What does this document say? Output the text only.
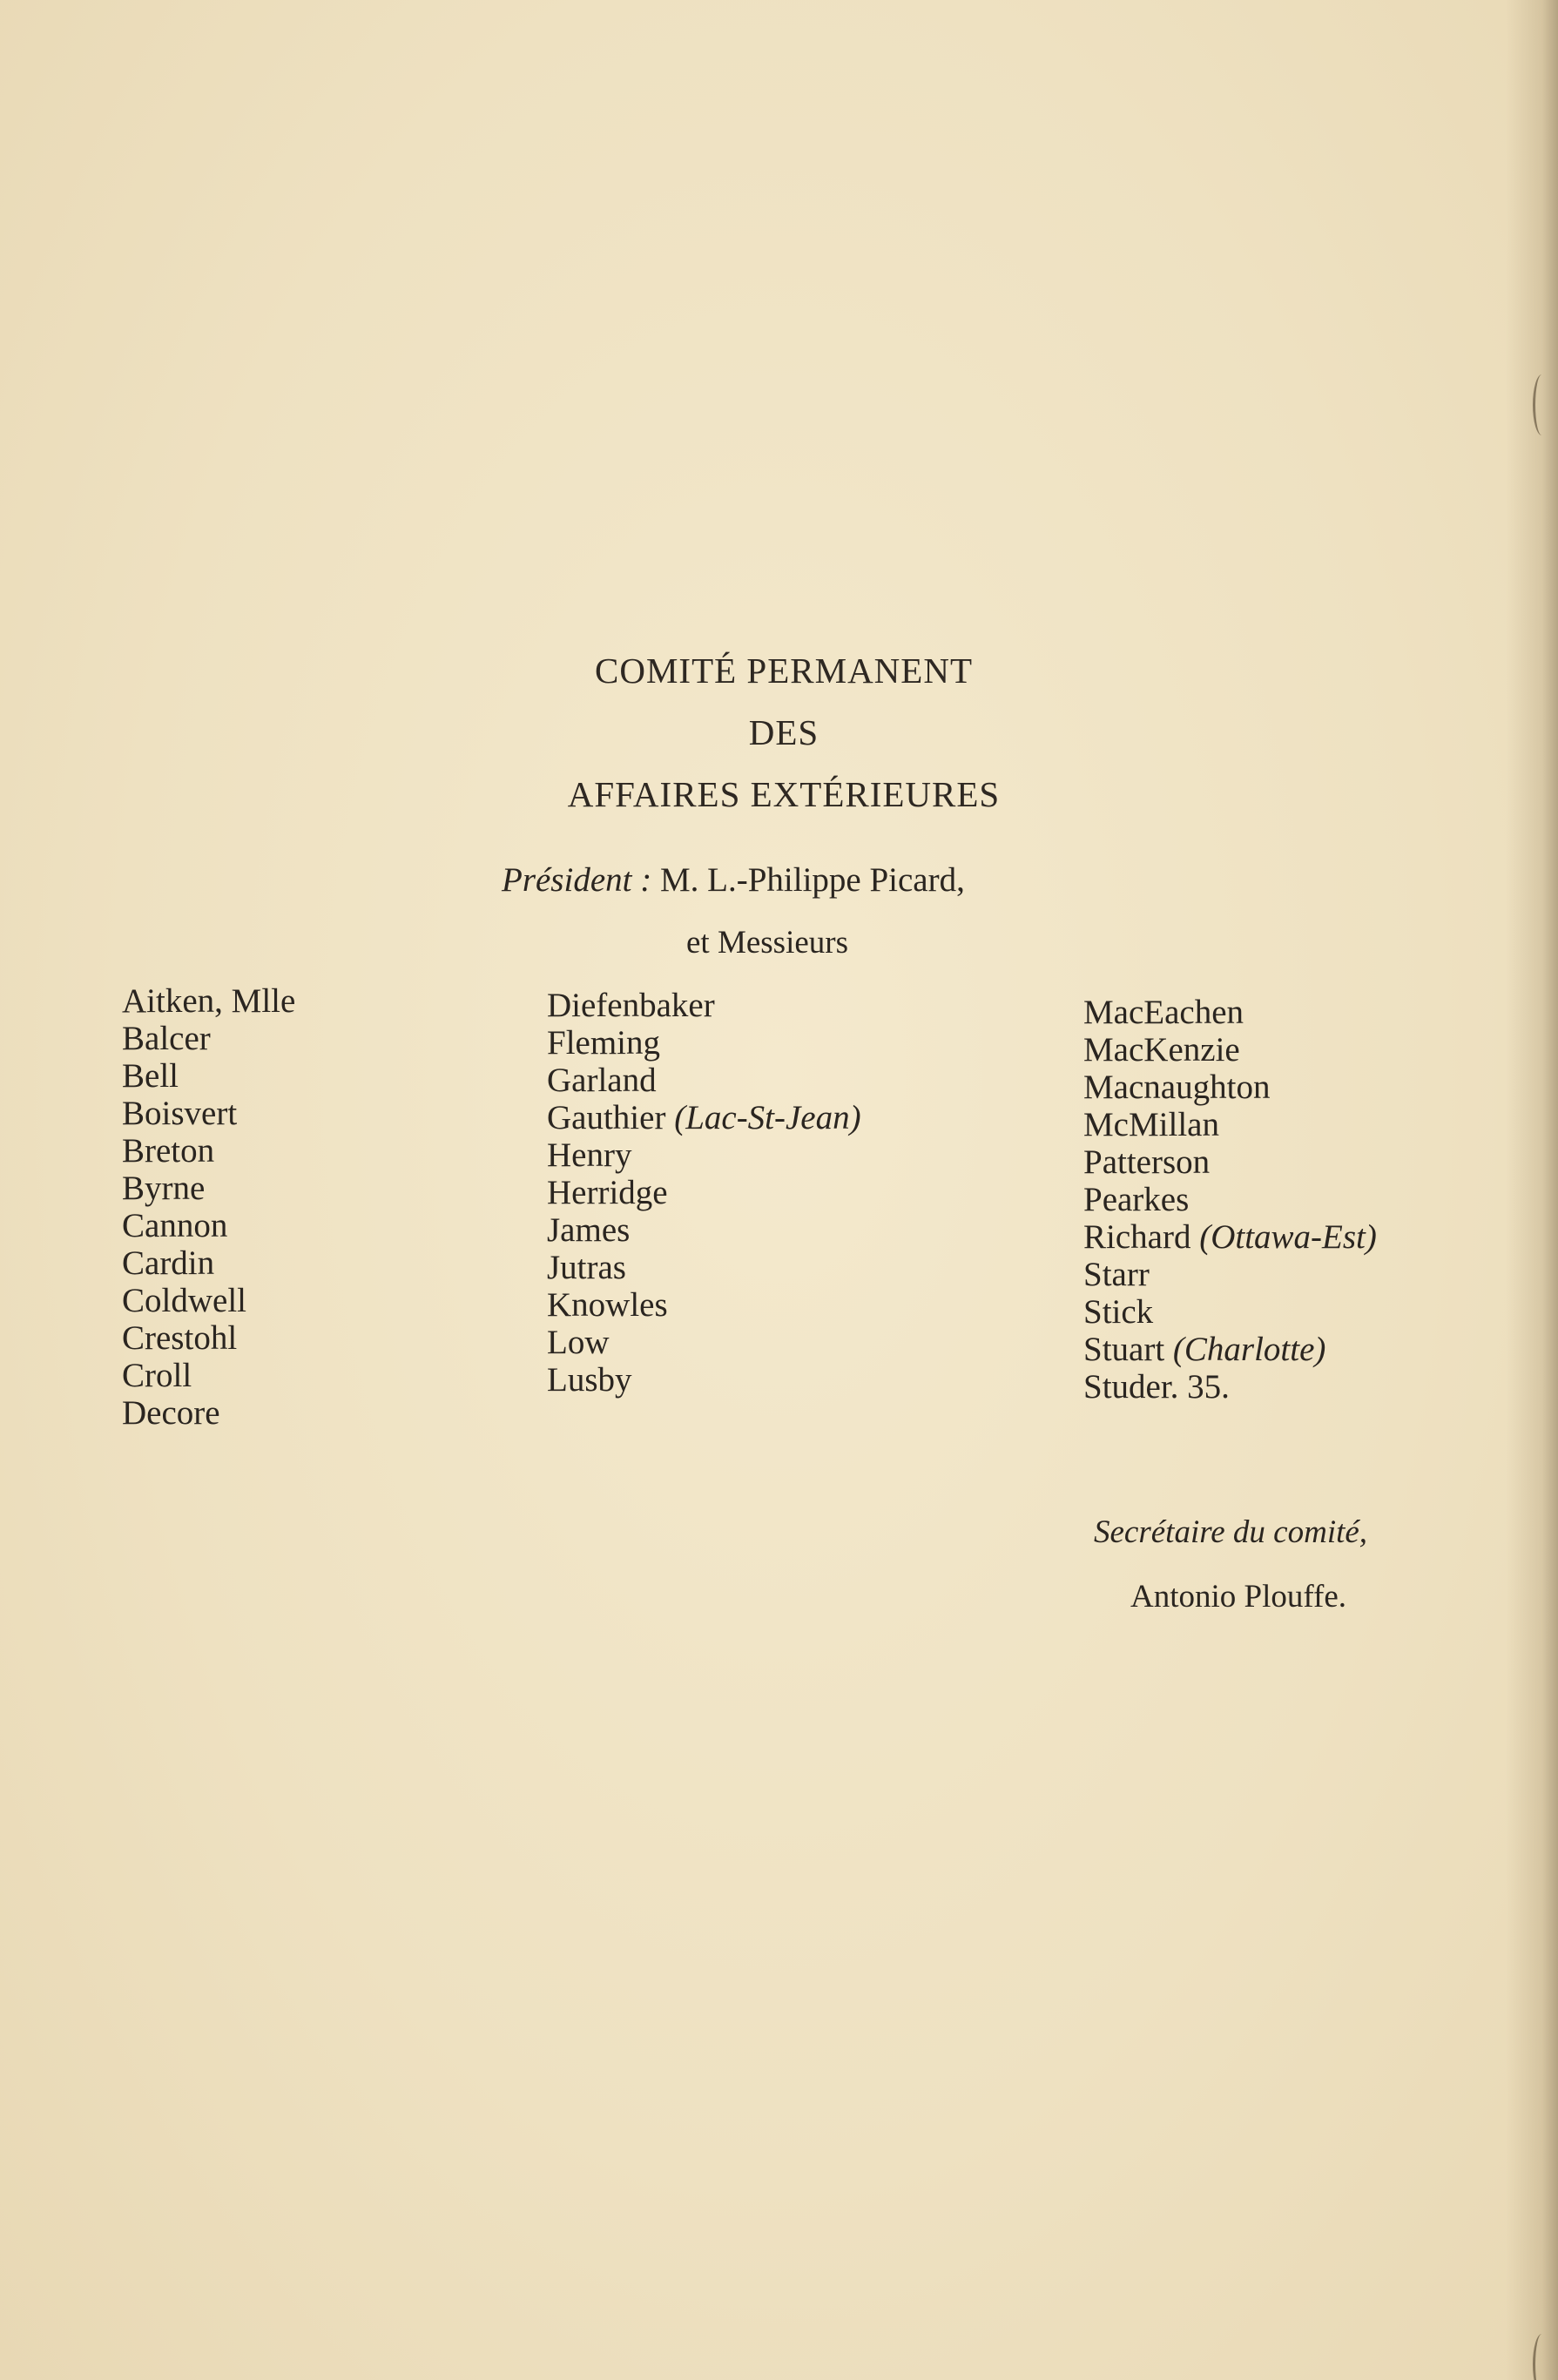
COMITÉ PERMANENT
DES
AFFAIRES EXTÉRIEURES
Président : M. L.-Philippe Picard,
et Messieurs
Aitken, Mlle
Balcer
Bell
Boisvert
Breton
Byrne
Cannon
Cardin
Coldwell
Crestohl
Croll
Decore
Diefenbaker
Fleming
Garland
Gauthier (Lac-St-Jean)
Henry
Herridge
James
Jutras
Knowles
Low
Lusby
MacEachen
MacKenzie
Macnaughton
McMillan
Patterson
Pearkes
Richard (Ottawa-Est)
Starr
Stick
Stuart (Charlotte)
Studer. 35.
Secrétaire du comité,
Antonio Plouffe.
